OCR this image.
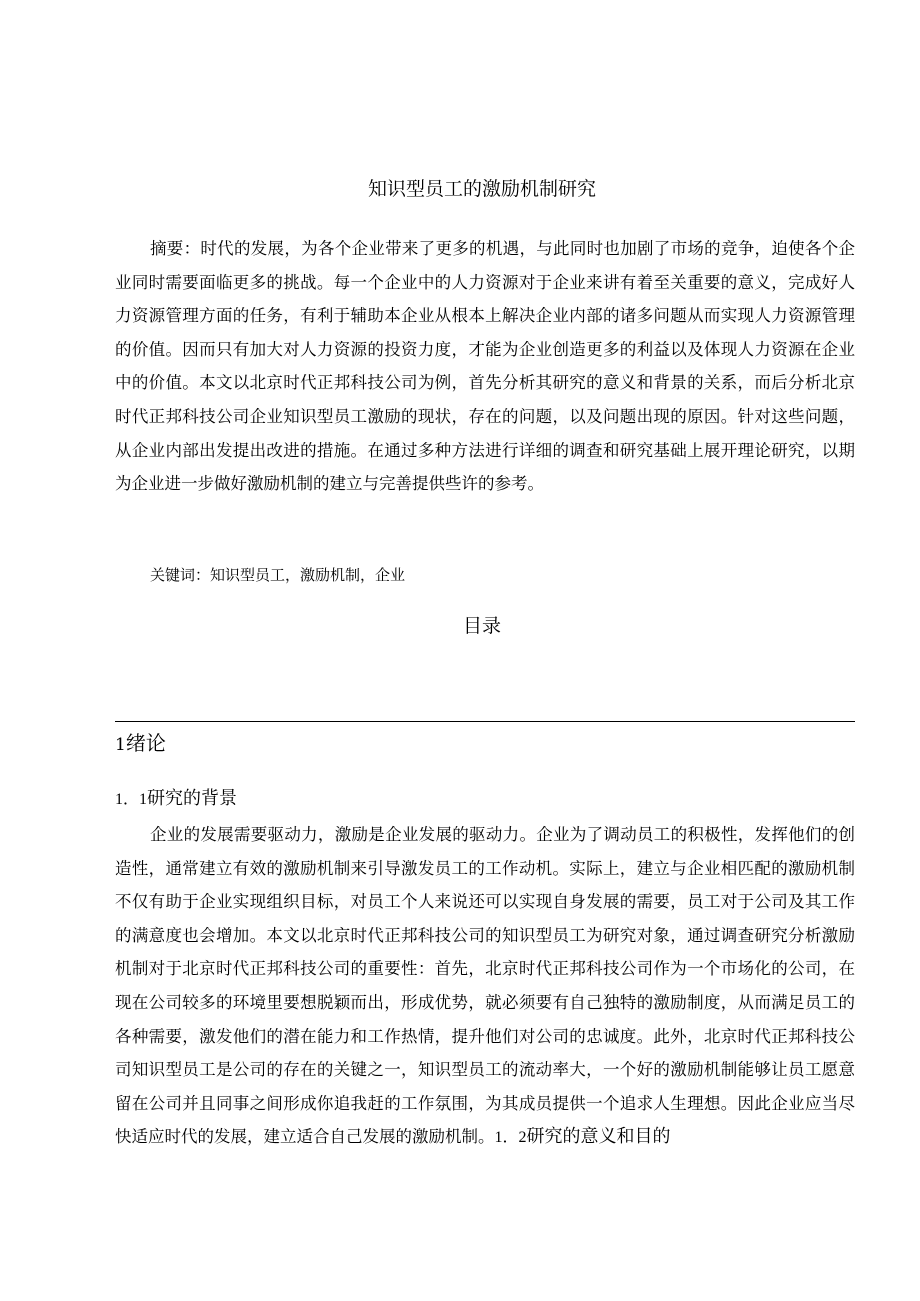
知识型员工的激励机制研究

摘要：时代的发展，为各个企业带来了更多的机遇，与此同时也加剧了市场的竞争，迫使各个企业同时需要面临更多的挑战。每一个企业中的人力资源对于企业来讲有着至关重要的意义，完成好人力资源管理方面的任务，有利于辅助本企业从根本上解决企业内部的诸多问题从而实现人力资源管理的价值。因而只有加大对人力资源的投资力度，才能为企业创造更多的利益以及体现人力资源在企业中的价值。本文以北京时代正邦科技公司为例，首先分析其研究的意义和背景的关系，而后分析北京时代正邦科技公司企业知识型员工激励的现状，存在的问题，以及问题出现的原因。针对这些问题，从企业内部出发提出改进的措施。在通过多种方法进行详细的调查和研究基础上展开理论研究，以期为企业进一步做好激励机制的建立与完善提供些许的参考。

关键词：知识型员工，激励机制，企业

目录
1绪论
1．1研究的背景

企业的发展需要驱动力，激励是企业发展的驱动力。企业为了调动员工的积极性，发挥他们的创造性，通常建立有效的激励机制来引导激发员工的工作动机。实际上，建立与企业相匹配的激励机制不仅有助于企业实现组织目标，对员工个人来说还可以实现自身发展的需要，员工对于公司及其工作的满意度也会增加。本文以北京时代正邦科技公司的知识型员工为研究对象，通过调查研究分析激励机制对于北京时代正邦科技公司的重要性：首先，北京时代正邦科技公司作为一个市场化的公司，在现在公司较多的环境里要想脱颖而出，形成优势，就必须要有自己独特的激励制度，从而满足员工的各种需要，激发他们的潜在能力和工作热情，提升他们对公司的忠诚度。此外，北京时代正邦科技公司知识型员工是公司的存在的关键之一，知识型员工的流动率大，一个好的激励机制能够让员工愿意留在公司并且同事之间形成你追我赶的工作氛围，为其成员提供一个追求人生理想。因此企业应当尽快适应时代的发展，建立适合自己发展的激励机制。1．2研究的意义和目的
